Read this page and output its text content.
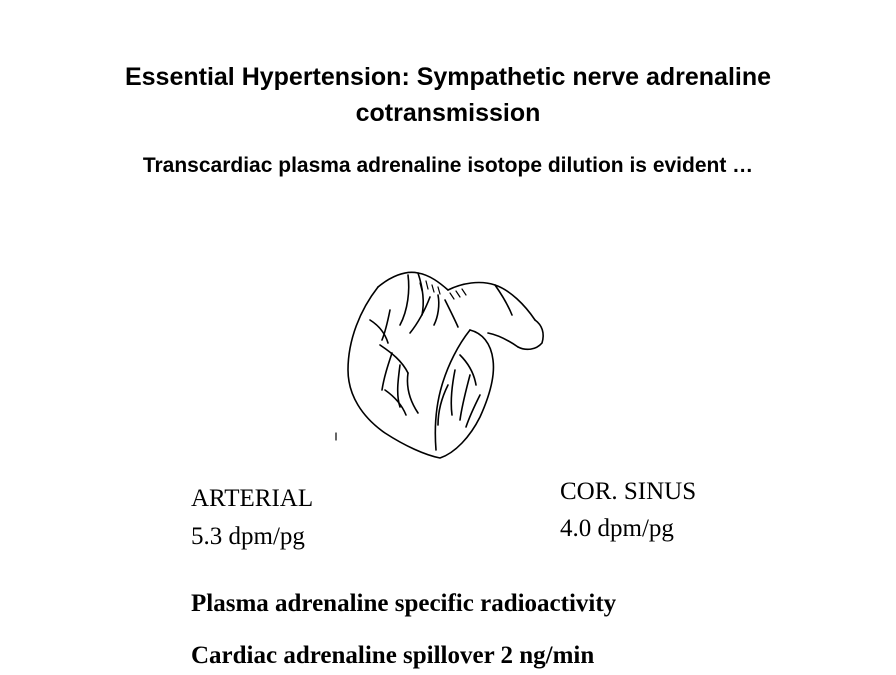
Essential Hypertension: Sympathetic nerve adrenaline
cotransmission

Transcardiac plasma adrenaline isotope dilution is evident …

ARTERIAL
5.3 dpm/pg
COR. SINUS
4.0 dpm/pg
Plasma adrenaline specific radioactivity
Cardiac adrenaline spillover 2 ng/min
